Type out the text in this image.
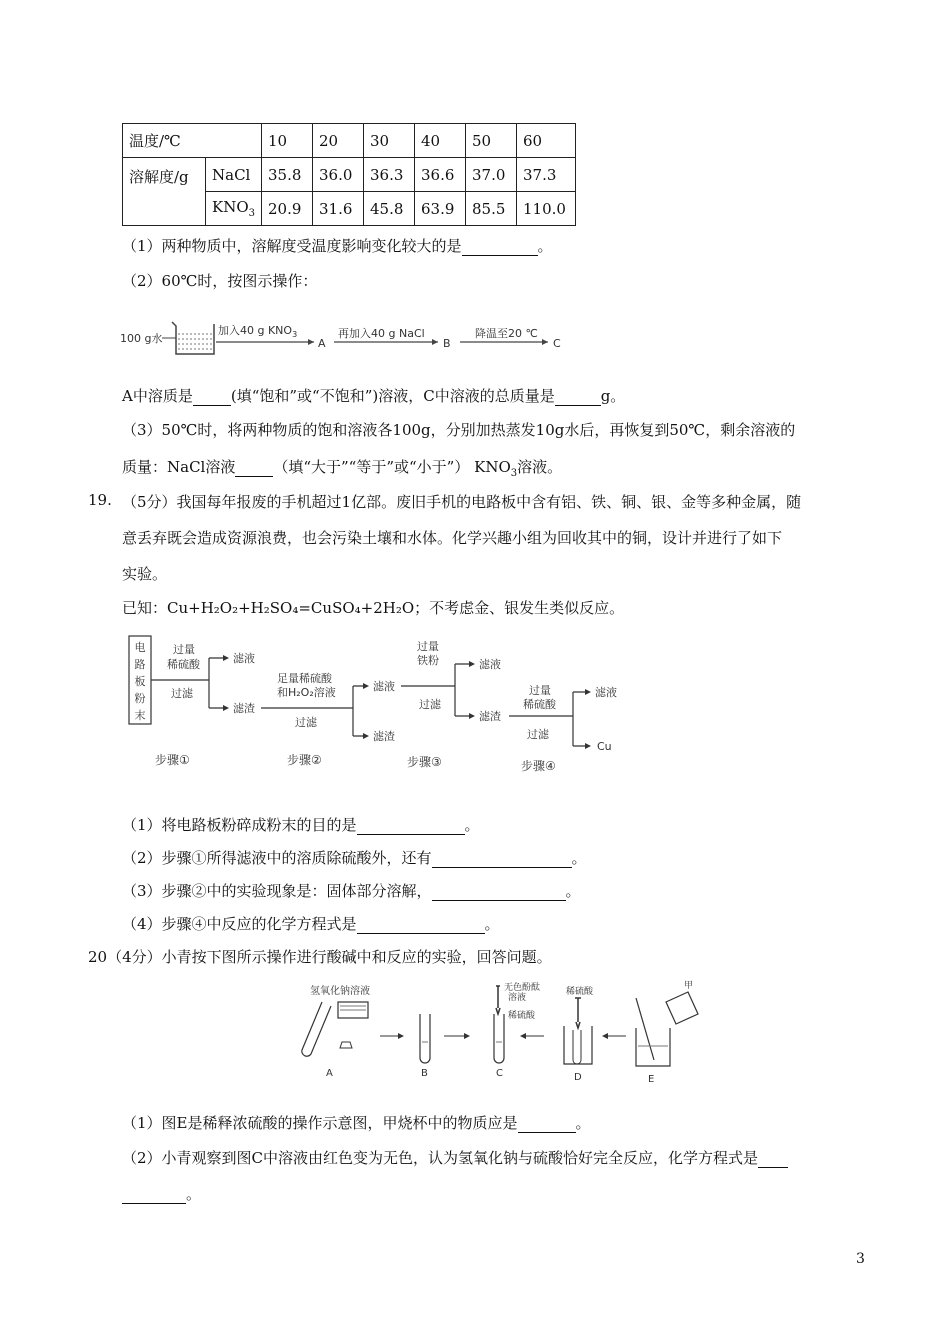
温度/℃		10	20	30	40	50	60
溶解度/g	NaCl	35.8	36.0	36.3	36.6	37.0	37.3
	$KNO_3$	20.9	31.6	45.8	63.9	85.5	110.0
（1）两种物质中，溶解度受温度影响变化较大的是	。
（2）60℃时，按图示操作：
100 g水
加入40 g $KNO_3$
A
再加入40 g NaCl
B
降温至20 ℃
C
A中溶质是	(填“饱和”或“不饱和”)溶液，C中溶液的总质量是	g。
（3）50℃时，将两种物质的饱和溶液各100g，分别加热蒸发10g水后，再恢复到50℃，剩余溶液的
质量：NaCl溶液	（填“大于”“等于”或“小于”） $KNO_3$溶液。
19. （5分）我国每年报废的手机超过1亿部。废旧手机的电路板中含有铝、铁、铜、银、金等多种金属，随
意丢弃既会造成资源浪费，也会污染土壤和水体。化学兴趣小组为回收其中的铜，设计并进行了如下
实验。
已知：Cu+H₂O₂+H₂SO₄=CuSO₄+2H₂O；不考虑金、银发生类似反应。
电
路
板
粉
末
过量
稀硫酸
过滤
滤液
滤渣
足量稀硫酸
和H₂O₂溶液
过滤
滤液
滤渣
过量
铁粉
过滤
滤液
滤渣
过量
稀硫酸
过滤
滤液
Cu
步骤①	步骤②	步骤③	步骤④
（1）将电路板粉碎成粉末的目的是	。
（2）步骤①所得滤液中的溶质除硫酸外，还有	。
（3）步骤②中的实验现象是：固体部分溶解，	。
（4）步骤④中反应的化学方程式是	。
20（4分）小青按下图所示操作进行酸碱中和反应的实验，回答问题。
氢氧化钠溶液
A	B
无色酚酞
溶液
稀硫酸
C
稀硫酸
D
甲
E
（1）图E是稀释浓硫酸的操作示意图，甲烧杯中的物质应是	。
（2）小青观察到图C中溶液由红色变为无色，认为氢氧化钠与硫酸恰好完全反应，化学方程式是
。
3
